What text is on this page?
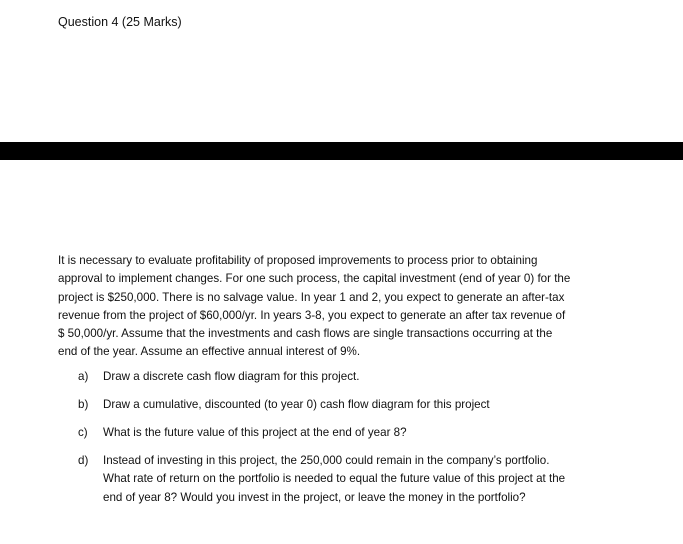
Question 4 (25 Marks)
It is necessary to evaluate profitability of proposed improvements to process prior to obtaining
approval to implement changes. For one such process, the capital investment (end of year 0) for the
project is $250,000. There is no salvage value. In year 1 and 2, you expect to generate an after-tax
revenue from the project of $60,000/yr. In years 3-8, you expect to generate an after tax revenue of
$ 50,000/yr. Assume that the investments and cash flows are single transactions occurring at the
end of the year. Assume an effective annual interest of 9%.
a) Draw a discrete cash flow diagram for this project.
b) Draw a cumulative, discounted (to year 0) cash flow diagram for this project
c) What is the future value of this project at the end of year 8?
d) Instead of investing in this project, the 250,000 could remain in the company’s portfolio.
What rate of return on the portfolio is needed to equal the future value of this project at the
end of year 8? Would you invest in the project, or leave the money in the portfolio?
